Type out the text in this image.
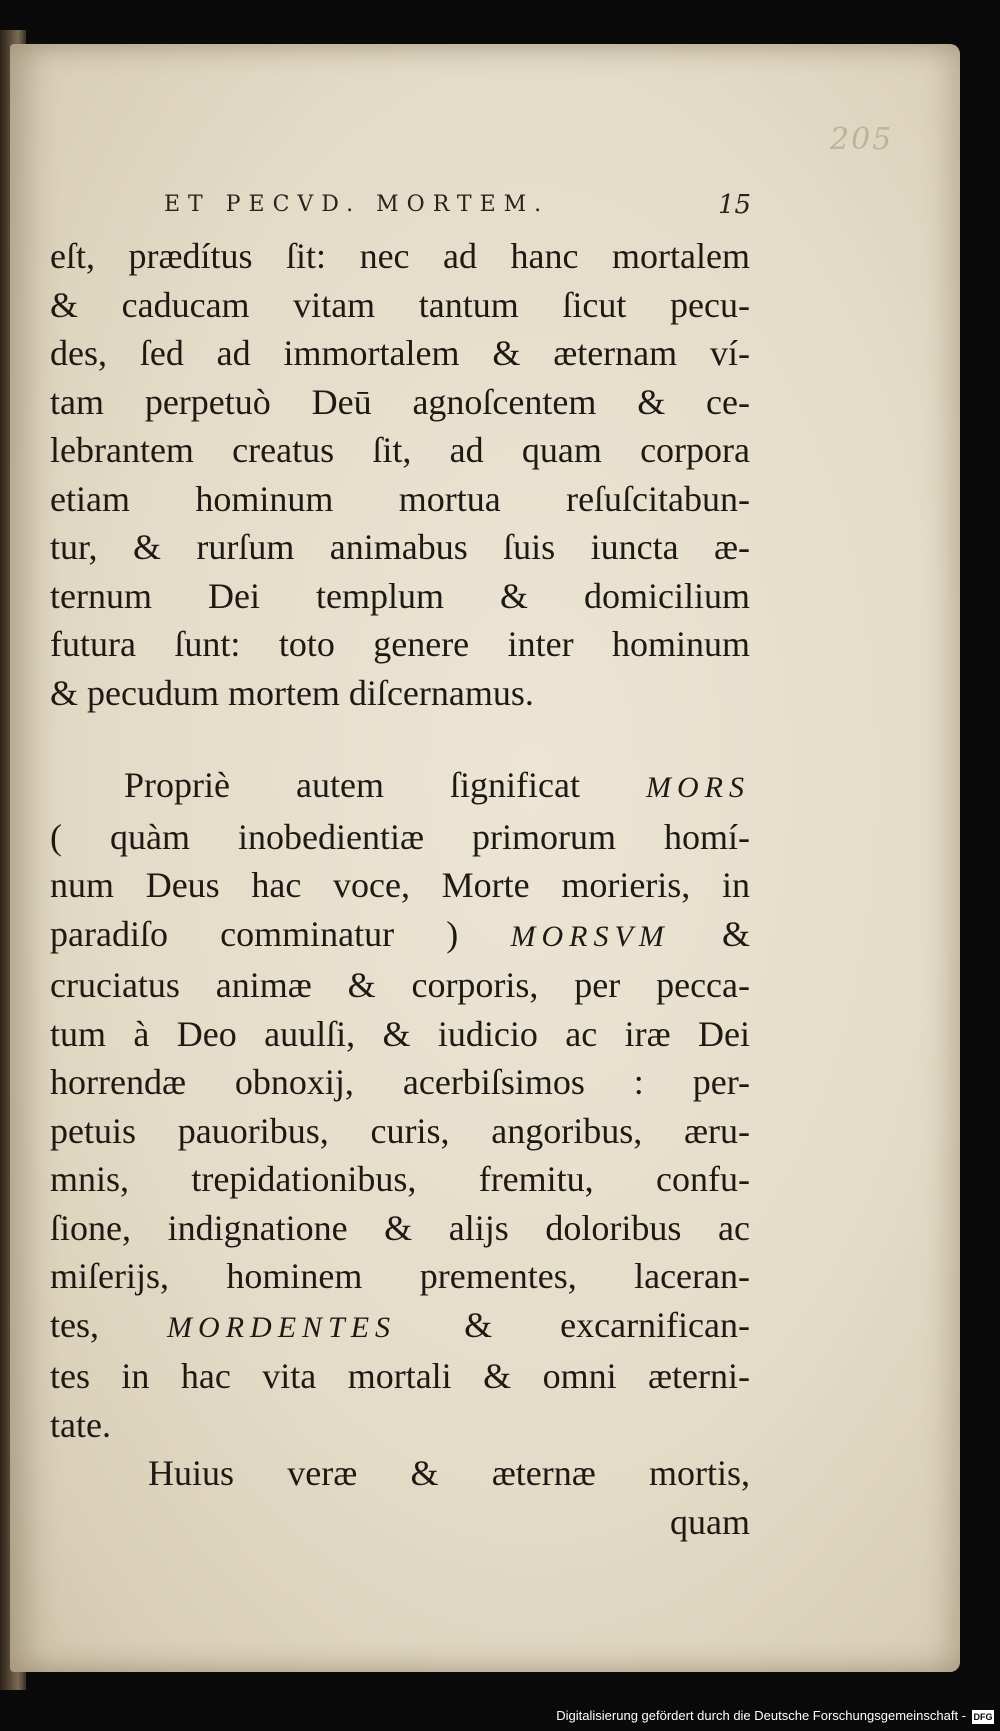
205
ET PECVD. MORTEM.	15
eſt, prædítus ſit: nec ad hanc mortalem
& caducam vitam tantum ſicut pecu-
des, ſed ad immortalem & æternam ví-
tam perpetuò Deū agnoſcentem & ce-
lebrantem creatus ſit, ad quam corpora
etiam hominum mortua reſuſcitabun-
tur, & rurſum animabus ſuis iuncta æ-
ternum Dei templum & domicilium
futura ſunt: toto genere inter hominum
& pecudum mortem diſcernamus.
Propriè autem ſignificat MORS
( quàm inobedientiæ primorum homí-
num Deus hac voce, Morte morieris, in
paradiſo comminatur ) MORSVM &
cruciatus animæ & corporis, per pecca-
tum à Deo auulſi, & iudicio ac iræ Dei
horrendæ obnoxij, acerbiſsimos : per-
petuis pauoribus, curis, angoribus, æru-
mnis, trepidationibus, fremitu, confu-
ſione, indignatione & alijs doloribus ac
miſerijs, hominem prementes, laceran-
tes, MORDENTES & excarnifican-
tes in hac vita mortali & omni æterni-
tate.
Huius veræ & æternæ mortis,
quam
Digitalisierung gefördert durch die Deutsche Forschungsgemeinschaft - DFG
